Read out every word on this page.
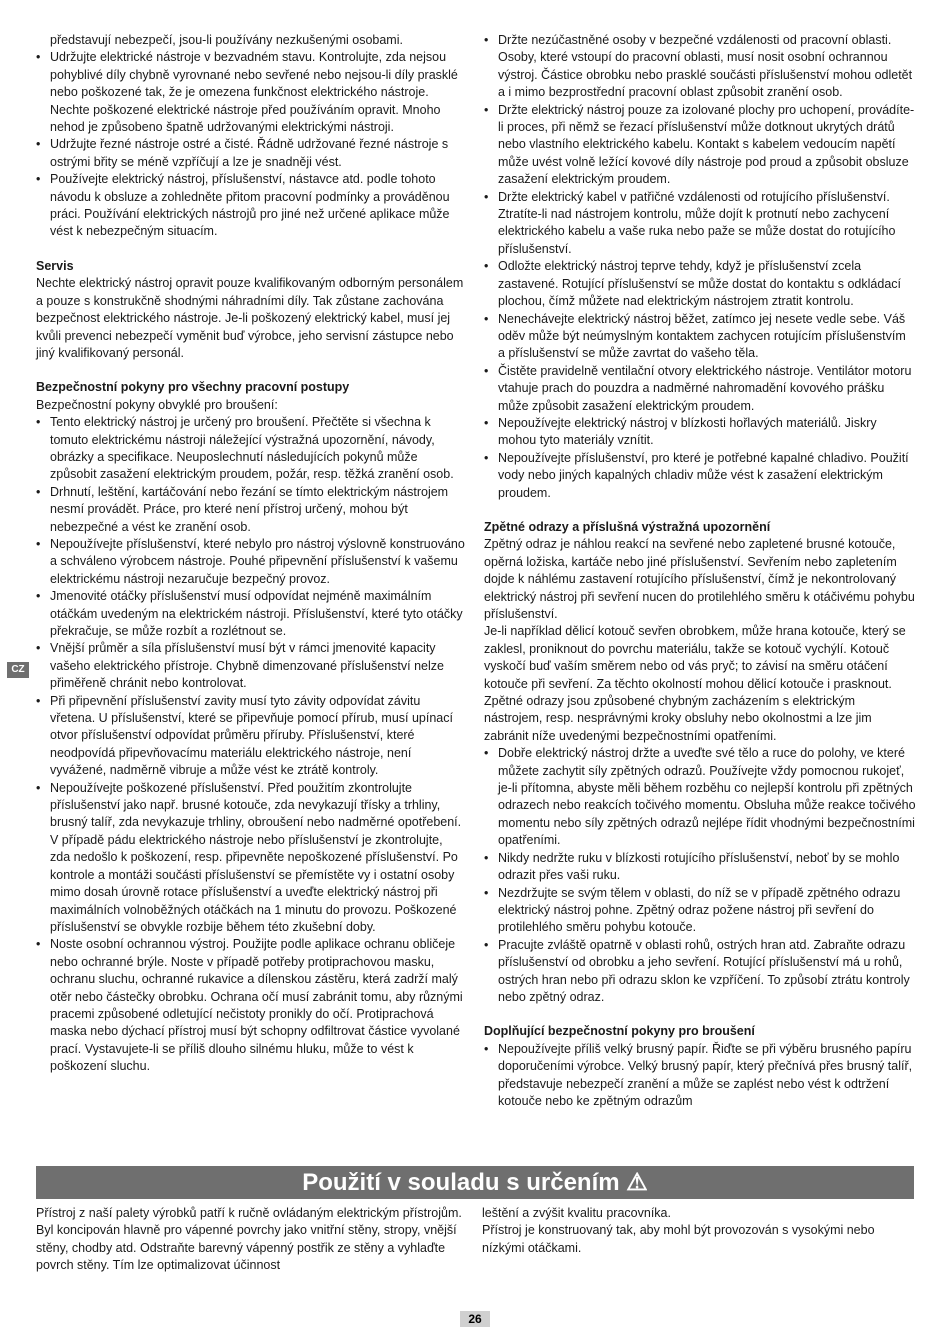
představují nebezpečí, jsou-li používány nezkušenými osobami.

• Udržujte elektrické nástroje v bezvadném stavu. Kontrolujte, zda nejsou pohyblivé díly chybně vyrovnané nebo sevřené nebo nejsou-li díly prasklé nebo poškozené tak, že je omezena funkčnost elektrického nástroje. Nechte poškozené elektrické nástroje před používáním opravit. Mnoho nehod je způsobeno špatně udržovanými elektrickými nástroji.
• Udržujte řezné nástroje ostré a čisté. Řádně udržované řezné nástroje s ostrými břity se méně vzpříčují a lze je snadněji vést.
• Používejte elektrický nástroj, příslušenství, nástavce atd. podle tohoto návodu k obsluze a zohledněte přitom pracovní podmínky a prováděnou práci. Používání elektrických nástrojů pro jiné než určené aplikace může vést k nebezpečným situacím.
Servis

Nechte elektrický nástroj opravit pouze kvalifikovaným odborným personálem a pouze s konstrukčně shodnými náhradními díly. Tak zůstane zachována bezpečnost elektrického nástroje. Je-li poškozený elektrický kabel, musí jej kvůli prevenci nebezpečí vyměnit buď výrobce, jeho servisní zástupce nebo jiný kvalifikovaný personál.

Bezpečnostní pokyny pro všechny pracovní postupy

Bezpečnostní pokyny obvyklé pro broušení:

• Tento elektrický nástroj je určený pro broušení. Přečtěte si všechna k tomuto elektrickému nástroji náležející výstražná upozornění, návody, obrázky a specifikace. Neuposlechnutí následujících pokynů může způsobit zasažení elektrickým proudem, požár, resp. těžká zranění osob.
• Drhnutí, leštění, kartáčování nebo řezání se tímto elektrickým nástrojem nesmí provádět. Práce, pro které není přístroj určený, mohou být nebezpečné a vést ke zranění osob.
• Nepoužívejte příslušenství, které nebylo pro nástroj výslovně konstruováno a schváleno výrobcem nástroje. Pouhé připevnění příslušenství k vašemu elektrickému nástroji nezaručuje bezpečný provoz.
• Jmenovité otáčky příslušenství musí odpovídat nejméně maximálním otáčkám uvedeným na elektrickém nástroji. Příslušenství, které tyto otáčky překračuje, se může rozbít a rozlétnout se.
• Vnější průměr a síla příslušenství musí být v rámci jmenovité kapacity vašeho elektrického přístroje. Chybně dimenzované příslušenství nelze přiměřeně chránit nebo kontrolovat.
• Při připevnění příslušenství zavity musí tyto závity odpovídat závitu vřetena. U příslušenství, které se připevňuje pomocí přírub, musí upínací otvor příslušenství odpovídat průměru příruby. Příslušenství, které neodpovídá připevňovacímu materiálu elektrického nástroje, není vyvážené, nadměrně vibruje a může vést ke ztrátě kontroly.
• Nepoužívejte poškozené příslušenství. Před použitím zkontrolujte příslušenství jako např. brusné kotouče, zda nevykazují třísky a trhliny, brusný talíř, zda nevykazuje trhliny, obroušení nebo nadměrné opotřebení. V případě pádu elektrického nástroje nebo příslušenství je zkontrolujte, zda nedošlo k poškození, resp. připevněte nepoškozené příslušenství. Po kontrole a montáži součásti příslušenství se přemístěte vy i ostatní osoby mimo dosah úrovně rotace příslušenství a uveďte elektrický nástroj při maximálních volnoběžných otáčkách na 1 minutu do provozu. Poškozené příslušenství se obvykle rozbije během této zkušební doby.
• Noste osobní ochrannou výstroj. Použijte podle aplikace ochranu obličeje nebo ochranné brýle. Noste v případě potřeby protiprachovou masku, ochranu sluchu, ochranné rukavice a dílenskou zástěru, která zadrží malý otěr nebo částečky obrobku. Ochrana očí musí zabránit tomu, aby různými pracemi způsobené odletující nečistoty pronikly do očí. Protiprachová maska nebo dýchací přístroj musí být schopny odfiltrovat částice vyvolané prací. Vystavujete-li se příliš dlouho silnému hluku, může to vést k poškození sluchu.
• Držte nezúčastněné osoby v bezpečné vzdálenosti od pracovní oblasti. Osoby, které vstoupí do pracovní oblasti, musí nosit osobní ochrannou výstroj. Částice obrobku nebo prasklé součásti příslušenství mohou odletět a i mimo bezprostřední pracovní oblast způsobit zranění osob.
• Držte elektrický nástroj pouze za izolované plochy pro uchopení, provádíte-li proces, při němž se řezací příslušenství může dotknout ukrytých drátů nebo vlastního elektrického kabelu. Kontakt s kabelem vedoucím napětí může uvést volně ležící kovové díly nástroje pod proud a způsobit obsluze zasažení elektrickým proudem.
• Držte elektrický kabel v patřičné vzdálenosti od rotujícího příslušenství. Ztratíte-li nad nástrojem kontrolu, může dojít k protnutí nebo zachycení elektrického kabelu a vaše ruka nebo paže se může dostat do rotujícího příslušenství.
• Odložte elektrický nástroj teprve tehdy, když je příslušenství zcela zastavené. Rotující příslušenství se může dostat do kontaktu s odkládací plochou, čímž můžete nad elektrickým nástrojem ztratit kontrolu.
• Nenechávejte elektrický nástroj běžet, zatímco jej nesete vedle sebe. Váš oděv může být neúmyslným kontaktem zachycen rotujícím příslušenstvím a příslušenství se může zavrtat do vašeho těla.
• Čistěte pravidelně ventilační otvory elektrického nástroje. Ventilátor motoru vtahuje prach do pouzdra a nadměrné nahromadění kovového prášku může způsobit zasažení elektrickým proudem.
• Nepoužívejte elektrický nástroj v blízkosti hořlavých materiálů. Jiskry mohou tyto materiály vznítit.
• Nepoužívejte příslušenství, pro které je potřebné kapalné chladivo. Použití vody nebo jiných kapalných chladiv může vést k zasažení elektrickým proudem.
Zpětné odrazy a příslušná výstražná upozornění

Zpětný odraz je náhlou reakcí na sevřené nebo zapletené brusné kotouče, opěrná ložiska, kartáče nebo jiné příslušenství. Sevřením nebo zapletením dojde k náhlému zastavení rotujícího příslušenství, čímž je nekontrolovaný elektrický nástroj při sevření nucen do protilehlého směru k otáčivému pohybu příslušenství.

Je-li například dělicí kotouč sevřen obrobkem, může hrana kotouče, který se zaklesl, proniknout do povrchu materiálu, takže se kotouč vychýlí. Kotouč vyskočí buď vaším směrem nebo od vás pryč; to závisí na směru otáčení kotouče při sevření. Za těchto okolností mohou dělicí kotouče i prasknout. Zpětné odrazy jsou způsobené chybným zacházením s elektrickým nástrojem, resp. nesprávnými kroky obsluhy nebo okolnostmi a lze jim zabránit níže uvedenými bezpečnostními opatřeními.

• Dobře elektrický nástroj držte a uveďte své tělo a ruce do polohy, ve které můžete zachytit síly zpětných odrazů. Používejte vždy pomocnou rukojeť, je-li přítomna, abyste měli během rozběhu co nejlepší kontrolu při zpětných odrazech nebo reakcích točivého momentu. Obsluha může reakce točivého momentu nebo síly zpětných odrazů nejlépe řídit vhodnými bezpečnostními opatřeními.
• Nikdy nedržte ruku v blízkosti rotujícího příslušenství, neboť by se mohlo odrazit přes vaši ruku.
• Nezdržujte se svým tělem v oblasti, do níž se v případě zpětného odrazu elektrický nástroj pohne. Zpětný odraz požene nástroj při sevření do protilehlého směru pohybu kotouče.
• Pracujte zvláště opatrně v oblasti rohů, ostrých hran atd. Zabraňte odrazu příslušenství od obrobku a jeho sevření. Rotující příslušenství má u rohů, ostrých hran nebo při odrazu sklon ke vzpříčení. To způsobí ztrátu kontroly nebo zpětný odraz.
Doplňující bezpečnostní pokyny pro broušení
• Nepoužívejte příliš velký brusný papír. Řiďte se při výběru brusného papíru doporučeními výrobce. Velký brusný papír, který přečnívá přes brusný talíř, představuje nebezpečí zranění a může se zaplést nebo vést k odtržení kotouče nebo ke zpětným odrazům
Použití v souladu s určením ⚠

Přístroj z naší palety výrobků patří k ručně ovládaným elektrickým přístrojům. Byl koncipován hlavně pro vápenné povrchy jako vnitřní stěny, stropy, vnější stěny, chodby atd. Odstraňte barevný vápenný postřik ze stěny a vyhlaďte povrch stěny. Tím lze optimalizovat účinnost

leštění a zvýšit kvalitu pracovníka.

Přístroj je konstruovaný tak, aby mohl být provozován s vysokými nebo nízkými otáčkami.

CZ
26
